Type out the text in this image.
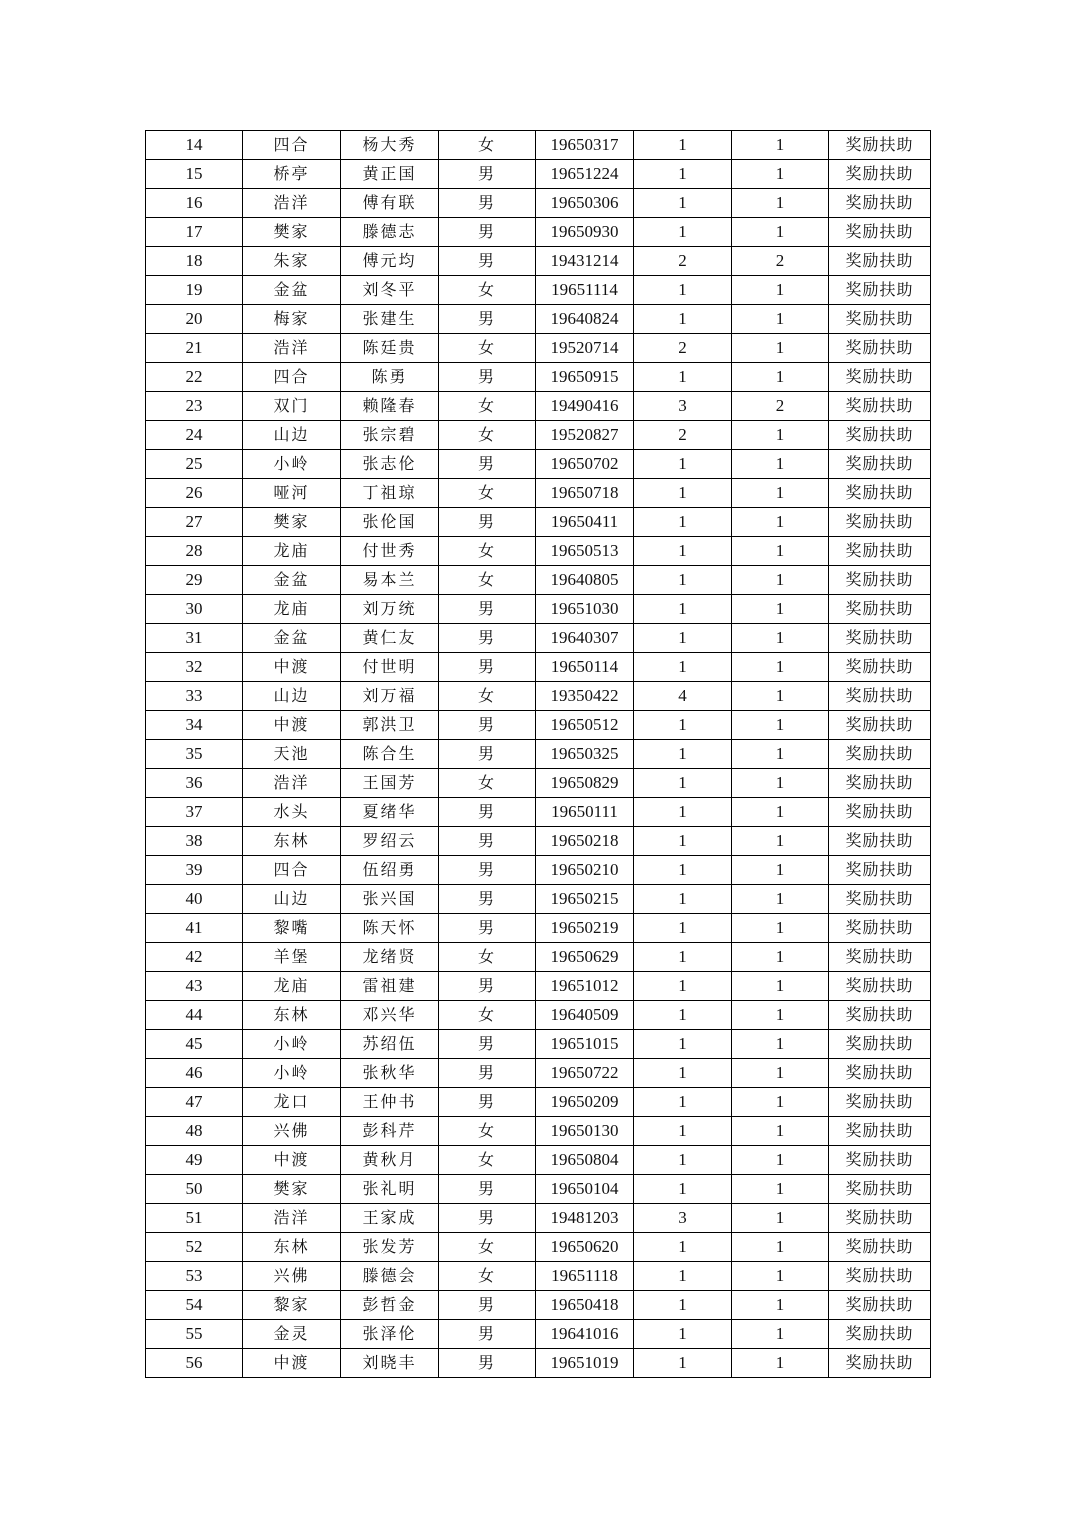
14	四合	杨大秀	女	19650317	1	1	奖励扶助
15	桥亭	黄正国	男	19651224	1	1	奖励扶助
16	浩洋	傅有联	男	19650306	1	1	奖励扶助
17	樊家	滕德志	男	19650930	1	1	奖励扶助
18	朱家	傅元均	男	19431214	2	2	奖励扶助
19	金盆	刘冬平	女	19651114	1	1	奖励扶助
20	梅家	张建生	男	19640824	1	1	奖励扶助
21	浩洋	陈廷贵	女	19520714	2	1	奖励扶助
22	四合	陈勇	男	19650915	1	1	奖励扶助
23	双门	赖隆春	女	19490416	3	2	奖励扶助
24	山边	张宗碧	女	19520827	2	1	奖励扶助
25	小岭	张志伦	男	19650702	1	1	奖励扶助
26	哑河	丁祖琼	女	19650718	1	1	奖励扶助
27	樊家	张伦国	男	19650411	1	1	奖励扶助
28	龙庙	付世秀	女	19650513	1	1	奖励扶助
29	金盆	易本兰	女	19640805	1	1	奖励扶助
30	龙庙	刘万统	男	19651030	1	1	奖励扶助
31	金盆	黄仁友	男	19640307	1	1	奖励扶助
32	中渡	付世明	男	19650114	1	1	奖励扶助
33	山边	刘万福	女	19350422	4	1	奖励扶助
34	中渡	郭洪卫	男	19650512	1	1	奖励扶助
35	天池	陈合生	男	19650325	1	1	奖励扶助
36	浩洋	王国芳	女	19650829	1	1	奖励扶助
37	水头	夏绪华	男	19650111	1	1	奖励扶助
38	东林	罗绍云	男	19650218	1	1	奖励扶助
39	四合	伍绍勇	男	19650210	1	1	奖励扶助
40	山边	张兴国	男	19650215	1	1	奖励扶助
41	黎嘴	陈天怀	男	19650219	1	1	奖励扶助
42	羊堡	龙绪贤	女	19650629	1	1	奖励扶助
43	龙庙	雷祖建	男	19651012	1	1	奖励扶助
44	东林	邓兴华	女	19640509	1	1	奖励扶助
45	小岭	苏绍伍	男	19651015	1	1	奖励扶助
46	小岭	张秋华	男	19650722	1	1	奖励扶助
47	龙口	王仲书	男	19650209	1	1	奖励扶助
48	兴佛	彭科芹	女	19650130	1	1	奖励扶助
49	中渡	黄秋月	女	19650804	1	1	奖励扶助
50	樊家	张礼明	男	19650104	1	1	奖励扶助
51	浩洋	王家成	男	19481203	3	1	奖励扶助
52	东林	张发芳	女	19650620	1	1	奖励扶助
53	兴佛	滕德会	女	19651118	1	1	奖励扶助
54	黎家	彭哲金	男	19650418	1	1	奖励扶助
55	金灵	张泽伦	男	19641016	1	1	奖励扶助
56	中渡	刘晓丰	男	19651019	1	1	奖励扶助
